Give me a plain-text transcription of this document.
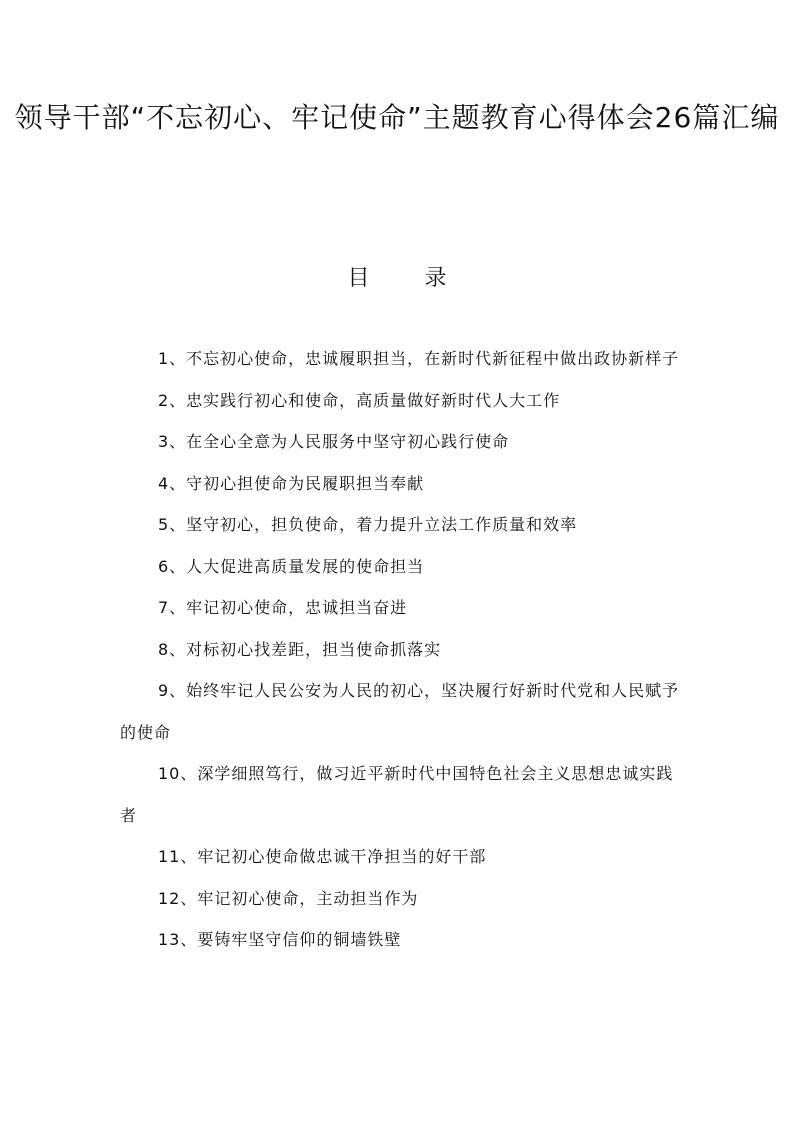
领导干部“不忘初心、牢记使命”主题教育心得体会26篇汇编
目 录
1、不忘初心使命，忠诚履职担当，在新时代新征程中做出政协新样子
2、忠实践行初心和使命，高质量做好新时代人大工作
3、在全心全意为人民服务中坚守初心践行使命
4、守初心担使命为民履职担当奉献
5、坚守初心，担负使命，着力提升立法工作质量和效率
6、人大促进高质量发展的使命担当
7、牢记初心使命，忠诚担当奋进
8、对标初心找差距，担当使命抓落实
9、始终牢记人民公安为人民的初心，坚决履行好新时代党和人民赋予的使命
10、深学细照笃行，做习近平新时代中国特色社会主义思想忠诚实践者
11、牢记初心使命做忠诚干净担当的好干部
12、牢记初心使命，主动担当作为
13、要铸牢坚守信仰的铜墙铁壁
